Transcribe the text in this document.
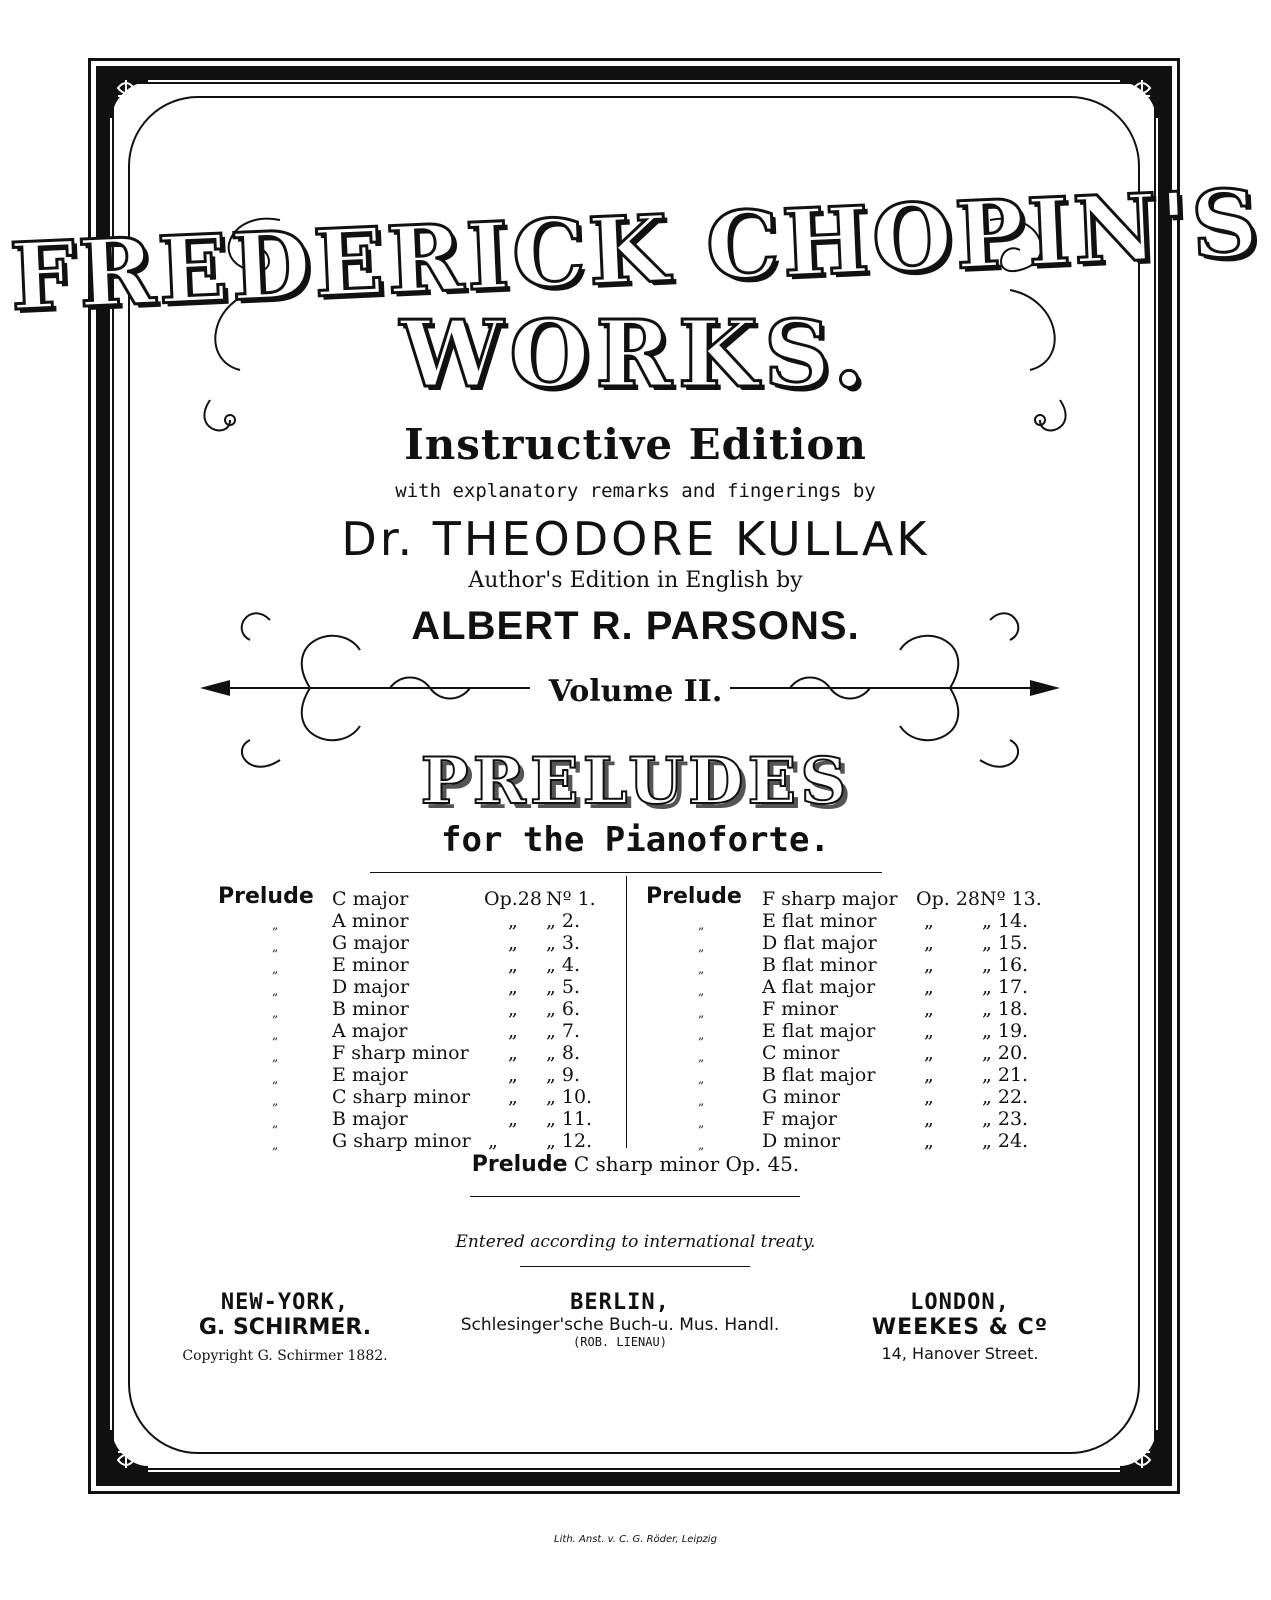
FREDERICK CHOPIN'S
WORKS.
Instructive Edition
with explanatory remarks and fingerings by
Dr. THEODORE KULLAK
Author's Edition in English by
ALBERT R. PARSONS.
Volume II.
PRELUDES
for the Pianoforte.
Prelude C major	Op.28 Nº 1.
„	A minor	„ „ 2.
„	G major	„ „ 3.
„	E minor	„ „ 4.
„	D major	„ „ 5.
„	B minor	„ „ 6.
„	A major	„ „ 7.
„	F sharp minor „ „ 8.
„	E major	„ „ 9.
„	C sharp minor „ „ 10.
„	B major	„ „ 11.
„	G sharp minor „	„ 12.
Prelude F sharp major Op. 28 Nº 13.
„	E flat minor	„	„ 14.
„	D flat major „	„ 15.
„	B flat minor „	„ 16.
„	A flat major	„	„ 17.
„	F minor	„	„ 18.
„	E flat major	„	„ 19.
„	C minor	„	„ 20.
„	B flat major	„	„ 21.
„	G minor	„	„ 22.
„	F major	„	„ 23.
„	D minor	„	„ 24.
Prelude C sharp minor Op. 45.
Entered according to international treaty.
NEW-YORK,
G. SCHIRMER.
Copyright G. Schirmer 1882.
BERLIN,
Schlesinger'sche Buch-u. Mus. Handl.
(ROB. LIENAU)
LONDON,
WEEKES & Cº
14, Hanover Street.
Lith. Anst. v. C. G. Röder, Leipzig
